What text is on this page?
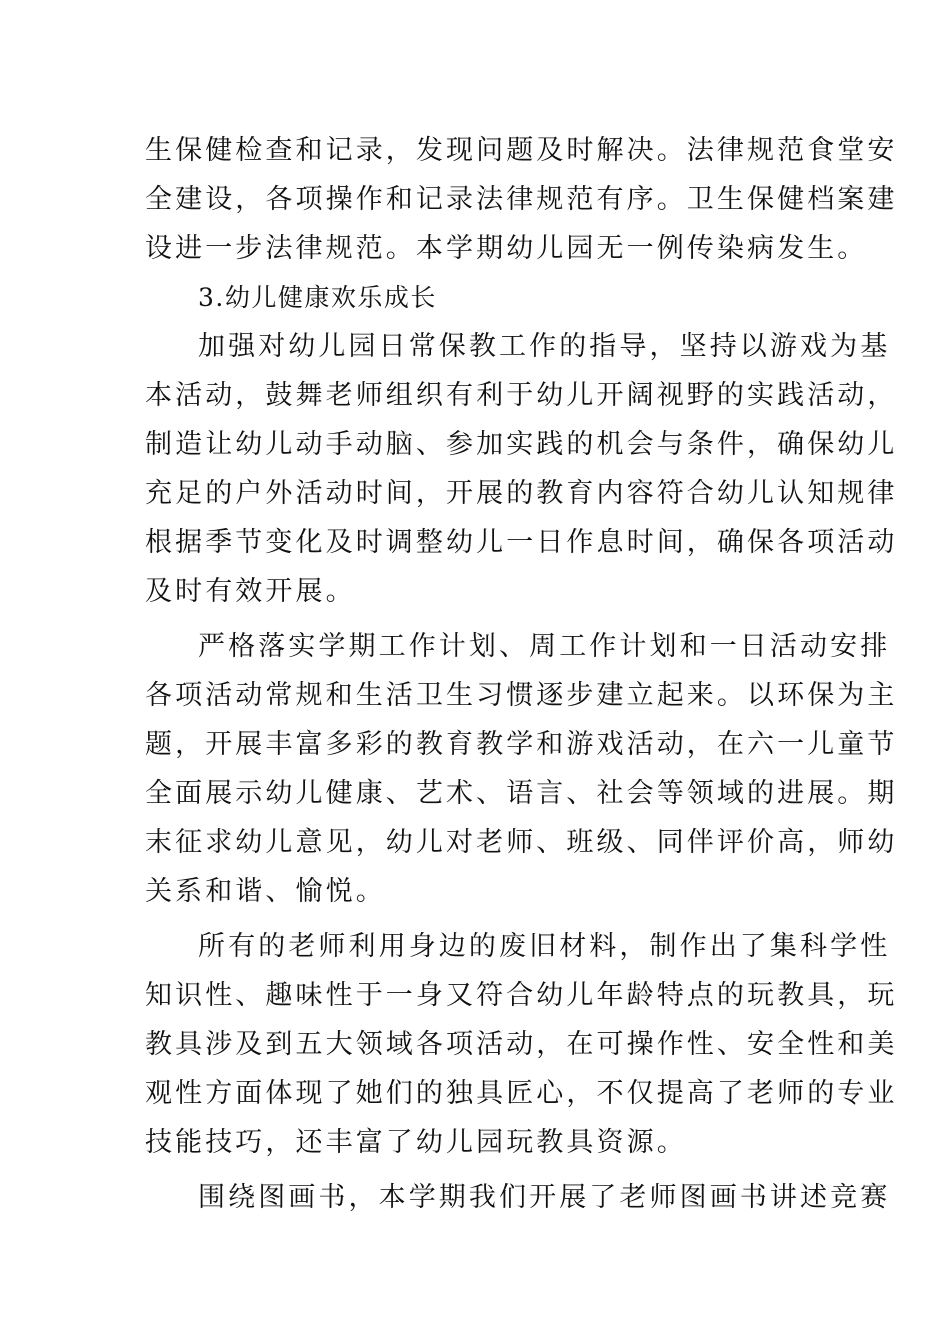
生保健检查和记录，发现问题及时解决。法律规范食堂安

全建设，各项操作和记录法律规范有序。卫生保健档案建

设进一步法律规范。本学期幼儿园无一例传染病发生。

3.幼儿健康欢乐成长

加强对幼儿园日常保教工作的指导，坚持以游戏为基

本活动，鼓舞老师组织有利于幼儿开阔视野的实践活动，

制造让幼儿动手动脑、参加实践的机会与条件，确保幼儿

充足的户外活动时间，开展的教育内容符合幼儿认知规律

根据季节变化及时调整幼儿一日作息时间，确保各项活动

及时有效开展。

严格落实学期工作计划、周工作计划和一日活动安排

各项活动常规和生活卫生习惯逐步建立起来。以环保为主

题，开展丰富多彩的教育教学和游戏活动，在六一儿童节

全面展示幼儿健康、艺术、语言、社会等领域的进展。期

末征求幼儿意见，幼儿对老师、班级、同伴评价高，师幼

关系和谐、愉悦。

所有的老师利用身边的废旧材料，制作出了集科学性

知识性、趣味性于一身又符合幼儿年龄特点的玩教具，玩

教具涉及到五大领域各项活动，在可操作性、安全性和美

观性方面体现了她们的独具匠心，不仅提高了老师的专业

技能技巧，还丰富了幼儿园玩教具资源。

围绕图画书，本学期我们开展了老师图画书讲述竞赛
